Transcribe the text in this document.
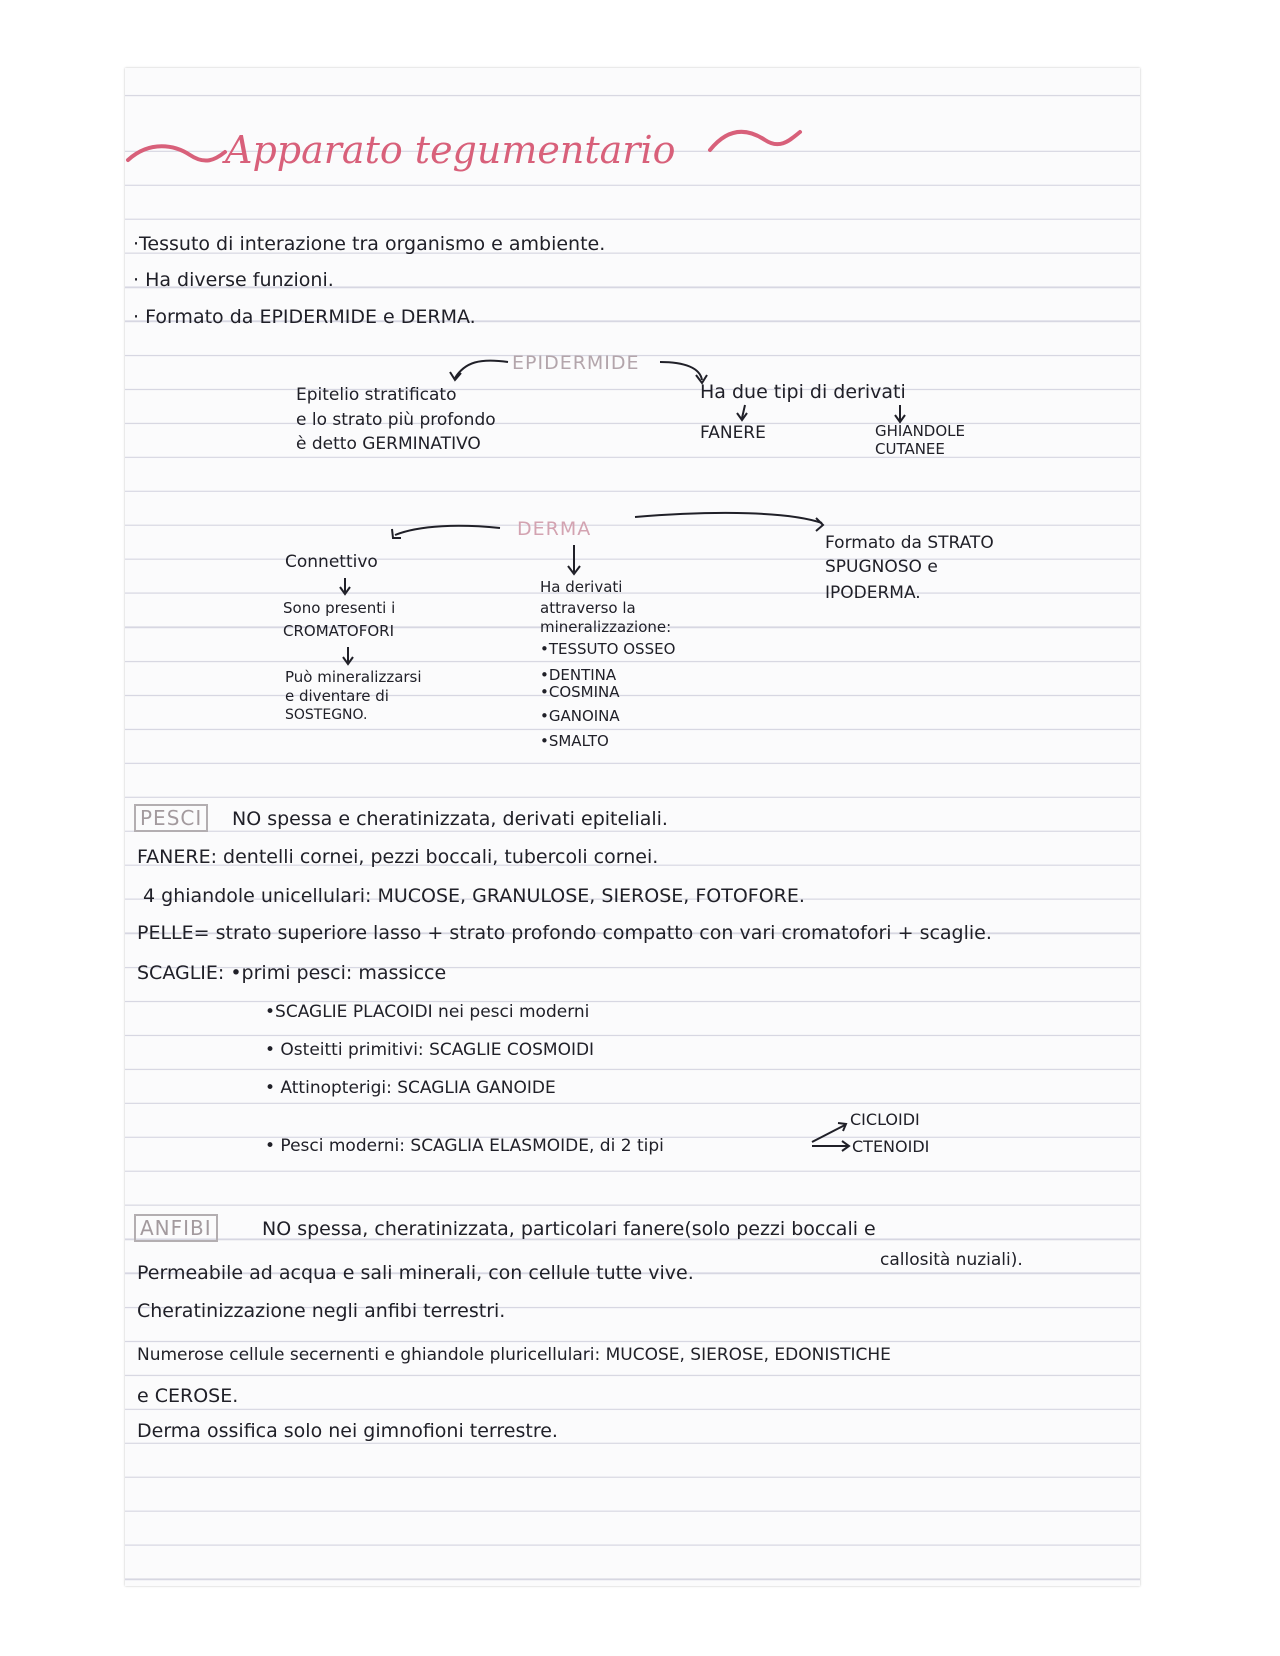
Apparato tegumentario
·Tessuto di interazione tra organismo e ambiente.
· Ha diverse funzioni.
· Formato da EPIDERMIDE e DERMA.
EPIDERMIDE
Epitelio stratificato
e lo strato più profondo
è detto GERMINATIVO
Ha due tipi di derivati
FANERE	GHIANDOLE
CUTANEE
DERMA
Connettivo
Sono presenti i
CROMATOFORI
Può mineralizzarsi
e diventare di
SOSTEGNO.
Ha derivati
attraverso la
mineralizzazione:
•TESSUTO OSSEO
•DENTINA
•COSMINA
•GANOINA
•SMALTO
Formato da STRATO
SPUGNOSO e
IPODERMA.
PESCI	NO spessa e cheratinizzata, derivati epiteliali.
FANERE: dentelli cornei, pezzi boccali, tubercoli cornei.
4 ghiandole unicellulari: MUCOSE, GRANULOSE, SIEROSE, FOTOFORE.
PELLE= strato superiore lasso + strato profondo compatto con vari cromatofori + scaglie.
SCAGLIE: •primi pesci: massicce
•SCAGLIE PLACOIDI nei pesci moderni
• Osteitti primitivi: SCAGLIE COSMOIDI
• Attinopterigi: SCAGLIA GANOIDE
• Pesci moderni: SCAGLIA ELASMOIDE, di 2 tipi
CICLOIDI
CTENOIDI
ANFIBI	NO spessa, cheratinizzata, particolari fanere(solo pezzi boccali e
callosità nuziali).
Permeabile ad acqua e sali minerali, con cellule tutte vive.
Cheratinizzazione negli anfibi terrestri.
Numerose cellule secernenti e ghiandole pluricellulari: MUCOSE, SIEROSE, EDONISTICHE
e CEROSE.
Derma ossifica solo nei gimnofioni terrestre.
